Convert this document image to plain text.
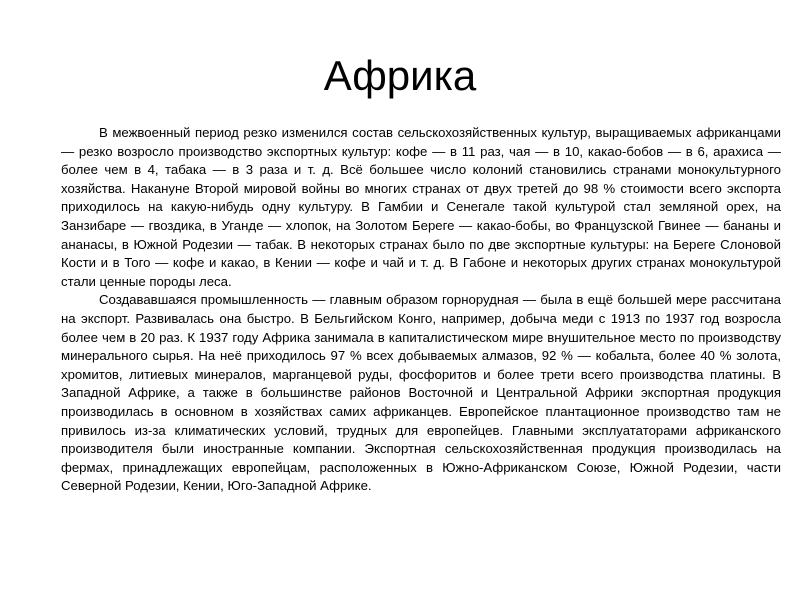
Африка

В межвоенный период резко изменился состав сельскохозяйственных культур, выращиваемых африканцами — резко возросло производство экспортных культур: кофе — в 11 раз, чая — в 10, какао-бобов — в 6, арахиса — более чем в 4, табака — в 3 раза и т. д. Всё большее число колоний становились странами монокультурного хозяйства. Накануне Второй мировой войны во многих странах от двух третей до 98 % стоимости всего экспорта приходилось на какую-нибудь одну культуру. В Гамбии и Сенегале такой культурой стал земляной орех, на Занзибаре — гвоздика, в Уганде — хлопок, на Золотом Береге — какао-бобы, во Французской Гвинее — бананы и ананасы, в Южной Родезии — табак. В некоторых странах было по две экспортные культуры: на Береге Слоновой Кости и в Того — кофе и какао, в Кении — кофе и чай и т. д. В Габоне и некоторых других странах монокультурой стали ценные породы леса.

Создававшаяся промышленность — главным образом горнорудная — была в ещё большей мере рассчитана на экспорт. Развивалась она быстро. В Бельгийском Конго, например, добыча меди с 1913 по 1937 год возросла более чем в 20 раз. К 1937 году Африка занимала в капиталистическом мире внушительное место по производству минерального сырья. На неё приходилось 97 % всех добываемых алмазов, 92 % — кобальта, более 40 % золота, хромитов, литиевых минералов, марганцевой руды, фосфоритов и более трети всего производства платины. В Западной Африке, а также в большинстве районов Восточной и Центральной Африки экспортная продукция производилась в основном в хозяйствах самих африканцев. Европейское плантационное производство там не привилось из-за климатических условий, трудных для европейцев. Главными эксплуататорами африканского производителя были иностранные компании. Экспортная сельскохозяйственная продукция производилась на фермах, принадлежащих европейцам, расположенных в Южно-Африканском Союзе, Южной Родезии, части Северной Родезии, Кении, Юго-Западной Африке.
